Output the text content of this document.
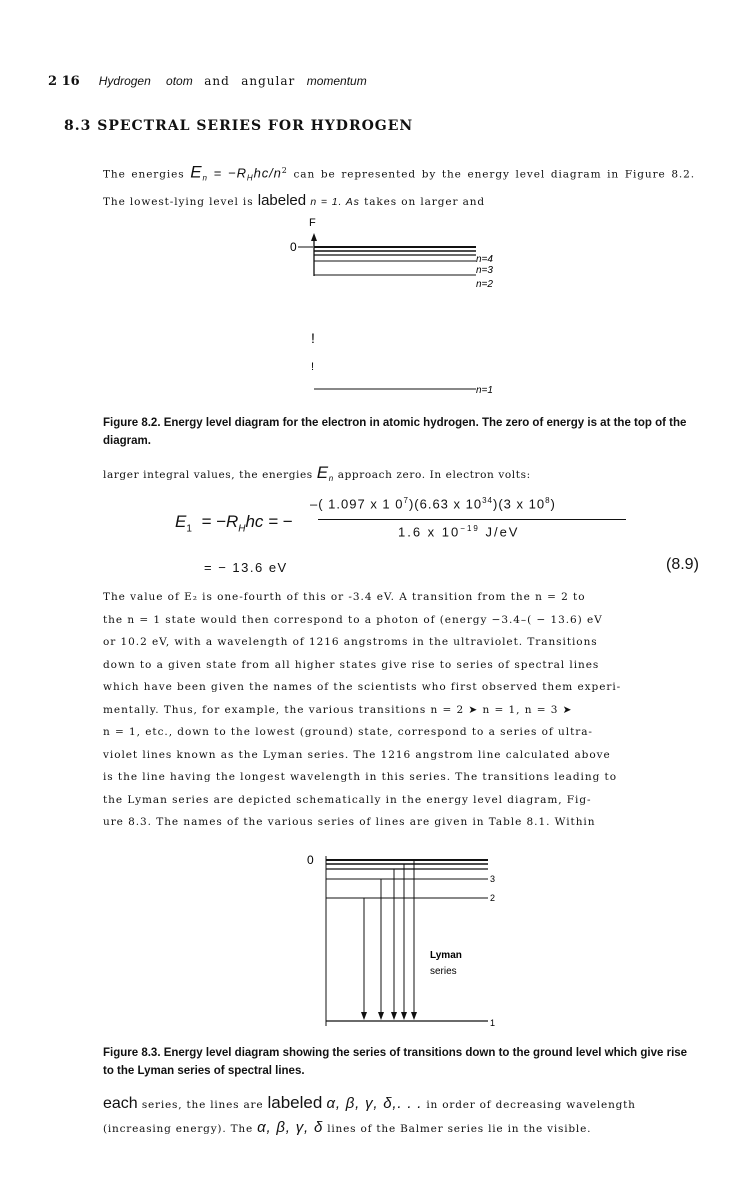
2 16 Hydrogen otom and angular momentum
8.3 SPECTRAL SERIES FOR HYDROGEN
The energies $E_n = -R_Hhc/n^2$ can be represented by the energy level diagram in Figure 8.2. The lowest-lying level is labeled n = 1. As takes on larger and
F
0
n=4
n=3
n=2
!
!
n=1
Figure 8.2. Energy level diagram for the electron in atomic hydrogen. The zero of energy is at the top of the diagram.
larger integral values, the energies $E_n$ approach zero. In electron volts:
$E_1 = -R_Hhc$ = −
–( 1.097 x 1 $0^7)(6.63$ x $10^{34})(3$ x $10^8$)
1.6 x $10^{-19}$ J/eV
= − 13.6 eV	(8.9)
The value of E₂ is one-fourth of this or -3.4 eV. A transition from the n = 2 to
the n = 1 state would then correspond to a photon of (energy −3.4–( − 13.6) eV
or 10.2 eV, with a wavelength of 1216 angstroms in the ultraviolet. Transitions
down to a given state from all higher states give rise to series of spectral lines
which have been given the names of the scientists who first observed them experi-
mentally. Thus, for example, the various transitions n = 2 ➤ n = 1, n = 3 ➤
n = 1, etc., down to the lowest (ground) state, correspond to a series of ultra-
violet lines known as the Lyman series. The 1216 angstrom line calculated above
is the line having the longest wavelength in this series. The transitions leading to
the Lyman series are depicted schematically in the energy level diagram, Fig-
ure 8.3. The names of the various series of lines are given in Table 8.1. Within
0
3
2
1
Lyman
series
Figure 8.3. Energy level diagram showing the series of transitions down to the ground level which give rise to the Lyman series of spectral lines.
each series, the lines are labeled α, β, γ, δ,. . . in order of decreasing wavelength
(increasing energy). The α, β, γ, δ lines of the Balmer series lie in the visible.
